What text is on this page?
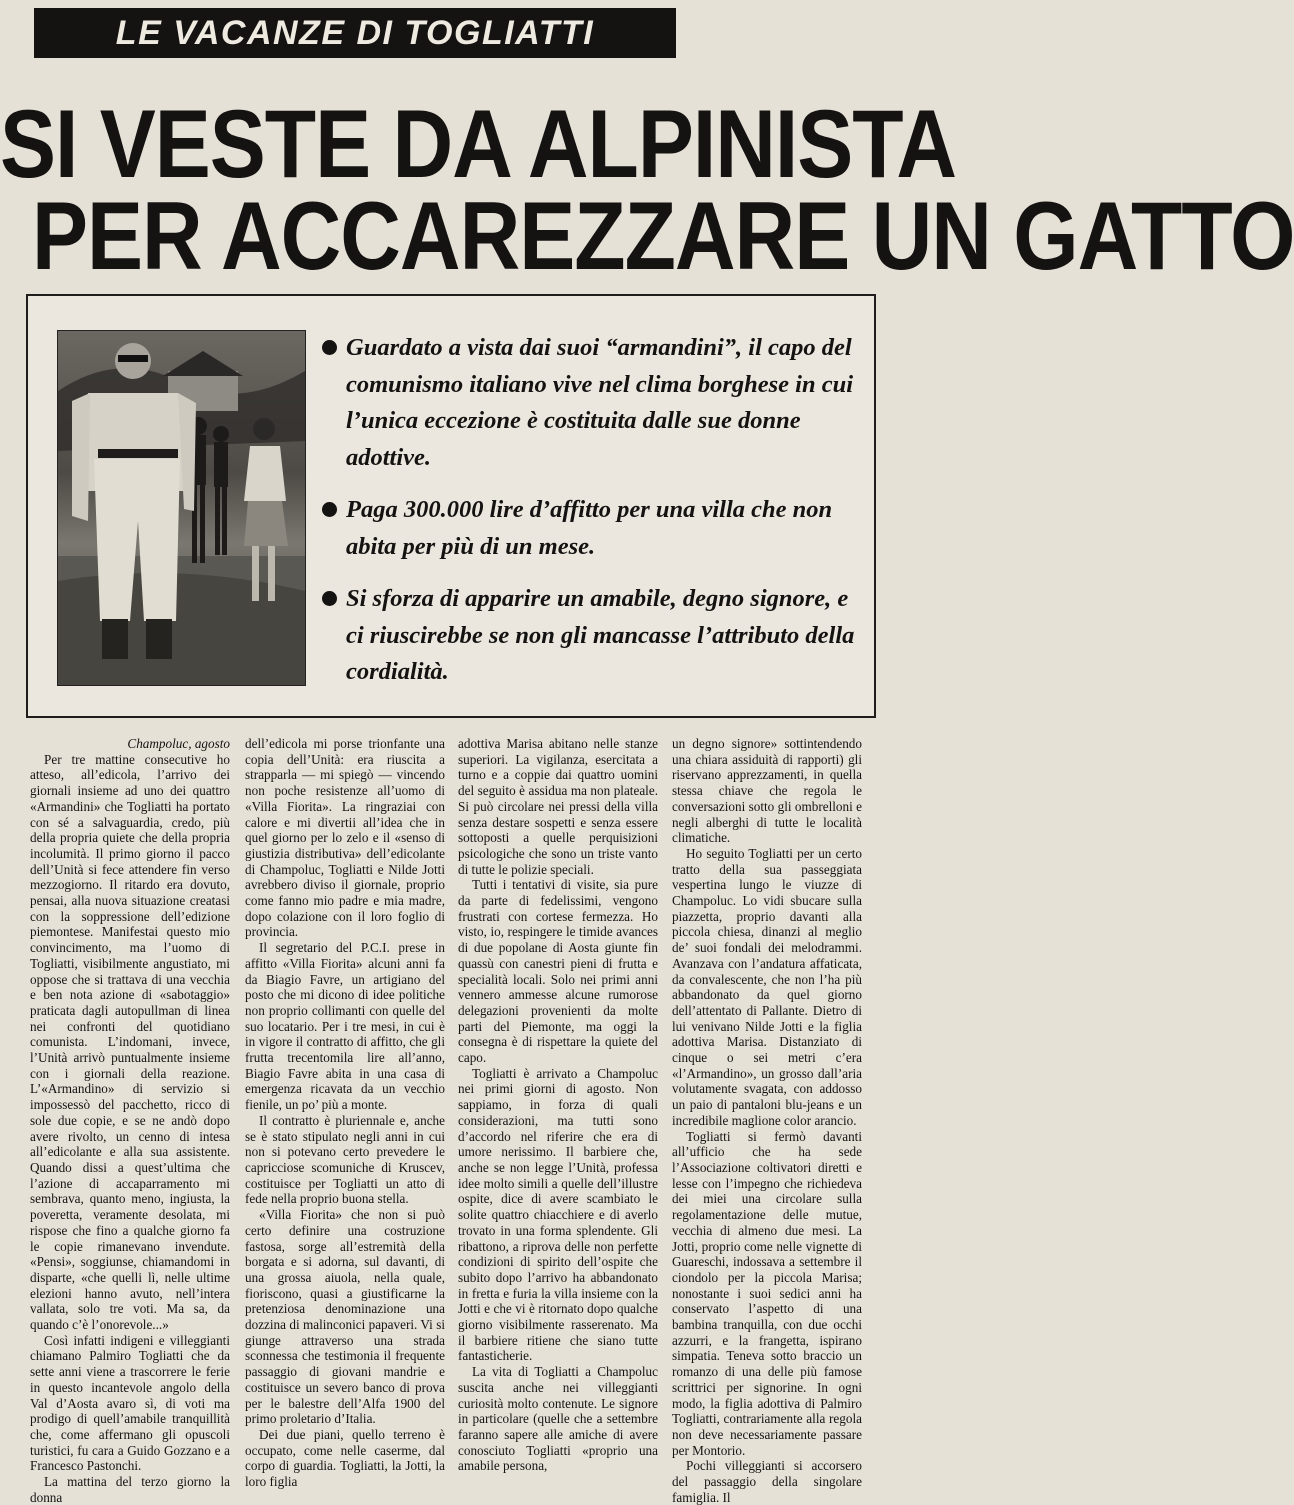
LE VACANZE DI TOGLIATTI
SI VESTE DA ALPINISTA
PER ACCAREZZARE UN GATTO

Guardato a vista dai suoi “armandini”, il capo del comunismo italiano vive nel clima borghese in cui l’unica eccezione è costituita dalle sue donne adottive.

Paga 300.000 lire d’affitto per una villa che non abita per più di un mese.

Si sforza di apparire un amabile, degno signore, e ci riuscirebbe se non gli mancasse l’attributo della cordialità.

Champoluc, agosto

Per tre mattine consecutive ho atteso, all’edicola, l’arrivo dei giornali insieme ad uno dei quattro «Armandini» che Togliatti ha portato con sé a salvaguardia, credo, più della propria quiete che della propria incolumità. Il primo giorno il pacco dell’Unità si fece attendere fin verso mezzogiorno. Il ritardo era dovuto, pensai, alla nuova situazione creatasi con la soppressione dell’edizione piemontese. Manifestai questo mio convincimento, ma l’uomo di Togliatti, visibilmente angustiato, mi oppose che si trattava di una vecchia e ben nota azione di «sabotaggio» praticata dagli autopullman di linea nei confronti del quotidiano comunista. L’indomani, invece, l’Unità arrivò puntualmente insieme con i giornali della reazione. L’«Armandino» di servizio si impossessò del pacchetto, ricco di sole due copie, e se ne andò dopo avere rivolto, un cenno di intesa all’edicolante e alla sua assistente. Quando dissi a quest’ultima che l’azione di accaparramento mi sembrava, quanto meno, ingiusta, la poveretta, veramente desolata, mi rispose che fino a qualche giorno fa le copie rimanevano invendute. «Pensi», soggiunse, chiamandomi in disparte, «che quelli lì, nelle ultime elezioni hanno avuto, nell’intera vallata, solo tre voti. Ma sa, da quando c’è l’onorevole...»

Così infatti indigeni e villeggianti chiamano Palmiro Togliatti che da sette anni viene a trascorrere le ferie in questo incantevole angolo della Val d’Aosta avaro sì, di voti ma prodigo di quell’amabile tranquillità che, come affermano gli opuscoli turistici, fu cara a Guido Gozzano e a Francesco Pastonchi.

La mattina del terzo giorno la donna

dell’edicola mi porse trionfante una copia dell’Unità: era riuscita a strapparla — mi spiegò — vincendo non poche resistenze all’uomo di «Villa Fiorita». La ringraziai con calore e mi divertii all’idea che in quel giorno per lo zelo e il «senso di giustizia distributiva» dell’edicolante di Champoluc, Togliatti e Nilde Jotti avrebbero diviso il giornale, proprio come fanno mio padre e mia madre, dopo colazione con il loro foglio di provincia.

Il segretario del P.C.I. prese in affitto «Villa Fiorita» alcuni anni fa da Biagio Favre, un artigiano del posto che mi dicono di idee politiche non proprio collimanti con quelle del suo locatario. Per i tre mesi, in cui è in vigore il contratto di affitto, che gli frutta trecentomila lire all’anno, Biagio Favre abita in una casa di emergenza ricavata da un vecchio fienile, un po’ più a monte.

Il contratto è pluriennale e, anche se è stato stipulato negli anni in cui non si potevano certo prevedere le capricciose scomuniche di Kruscev, costituisce per Togliatti un atto di fede nella proprio buona stella.

«Villa Fiorita» che non si può certo definire una costruzione fastosa, sorge all’estremità della borgata e si adorna, sul davanti, di una grossa aiuola, nella quale, fioriscono, quasi a giustificarne la pretenziosa denominazione una dozzina di malinconici papaveri. Vi si giunge attraverso una strada sconnessa che testimonia il frequente passaggio di giovani mandrie e costituisce un severo banco di prova per le balestre dell’Alfa 1900 del primo proletario d’Italia.

Dei due piani, quello terreno è occupato, come nelle caserme, dal corpo di guardia. Togliatti, la Jotti, la loro figlia

adottiva Marisa abitano nelle stanze superiori. La vigilanza, esercitata a turno e a coppie dai quattro uomini del seguito è assidua ma non plateale. Si può circolare nei pressi della villa senza destare sospetti e senza essere sottoposti a quelle perquisizioni psicologiche che sono un triste vanto di tutte le polizie speciali.

Tutti i tentativi di visite, sia pure da parte di fedelissimi, vengono frustrati con cortese fermezza. Ho visto, io, respingere le timide avances di due popolane di Aosta giunte fin quassù con canestri pieni di frutta e specialità locali. Solo nei primi anni vennero ammesse alcune rumorose delegazioni provenienti da molte parti del Piemonte, ma oggi la consegna è di rispettare la quiete del capo.

Togliatti è arrivato a Champoluc nei primi giorni di agosto. Non sappiamo, in forza di quali considerazioni, ma tutti sono d’accordo nel riferire che era di umore nerissimo. Il barbiere che, anche se non legge l’Unità, professa idee molto simili a quelle dell’illustre ospite, dice di avere scambiato le solite quattro chiacchiere e di averlo trovato in una forma splendente. Gli ribattono, a riprova delle non perfette condizioni di spirito dell’ospite che subito dopo l’arrivo ha abbandonato in fretta e furia la villa insieme con la Jotti e che vi è ritornato dopo qualche giorno visibilmente rasserenato. Ma il barbiere ritiene che siano tutte fantasticherie.

La vita di Togliatti a Champoluc suscita anche nei villeggianti curiosità molto contenute. Le signore in particolare (quelle che a settembre faranno sapere alle amiche di avere conosciuto Togliatti «proprio una amabile persona,

un degno signore» sottintendendo una chiara assiduità di rapporti) gli riservano apprezzamenti, in quella stessa chiave che regola le conversazioni sotto gli ombrelloni e negli alberghi di tutte le località climatiche.

Ho seguito Togliatti per un certo tratto della sua passeggiata vespertina lungo le viuzze di Champoluc. Lo vidi sbucare sulla piazzetta, proprio davanti alla piccola chiesa, dinanzi al meglio de’ suoi fondali dei melodrammi. Avanzava con l’andatura affaticata, da convalescente, che non l’ha più abbandonato da quel giorno dell’attentato di Pallante. Dietro di lui venivano Nilde Jotti e la figlia adottiva Marisa. Distanziato di cinque o sei metri c’era «l’Armandino», un grosso dall’aria volutamente svagata, con addosso un paio di pantaloni blu-jeans e un incredibile maglione color arancio.

Togliatti si fermò davanti all’ufficio che ha sede l’Associazione coltivatori diretti e lesse con l’impegno che richiedeva dei miei una circolare sulla regolamentazione delle mutue, vecchia di almeno due mesi. La Jotti, proprio come nelle vignette di Guareschi, indossava a settembre il ciondolo per la piccola Marisa; nonostante i suoi sedici anni ha conservato l’aspetto di una bambina tranquilla, con due occhi azzurri, e la frangetta, ispirano simpatia. Teneva sotto braccio un romanzo di una delle più famose scrittrici per signorine. In ogni modo, la figlia adottiva di Palmiro Togliatti, contrariamente alla regola non deve necessariamente passare per Montorio.

Pochi villeggianti si accorsero del passaggio della singolare famiglia. Il
